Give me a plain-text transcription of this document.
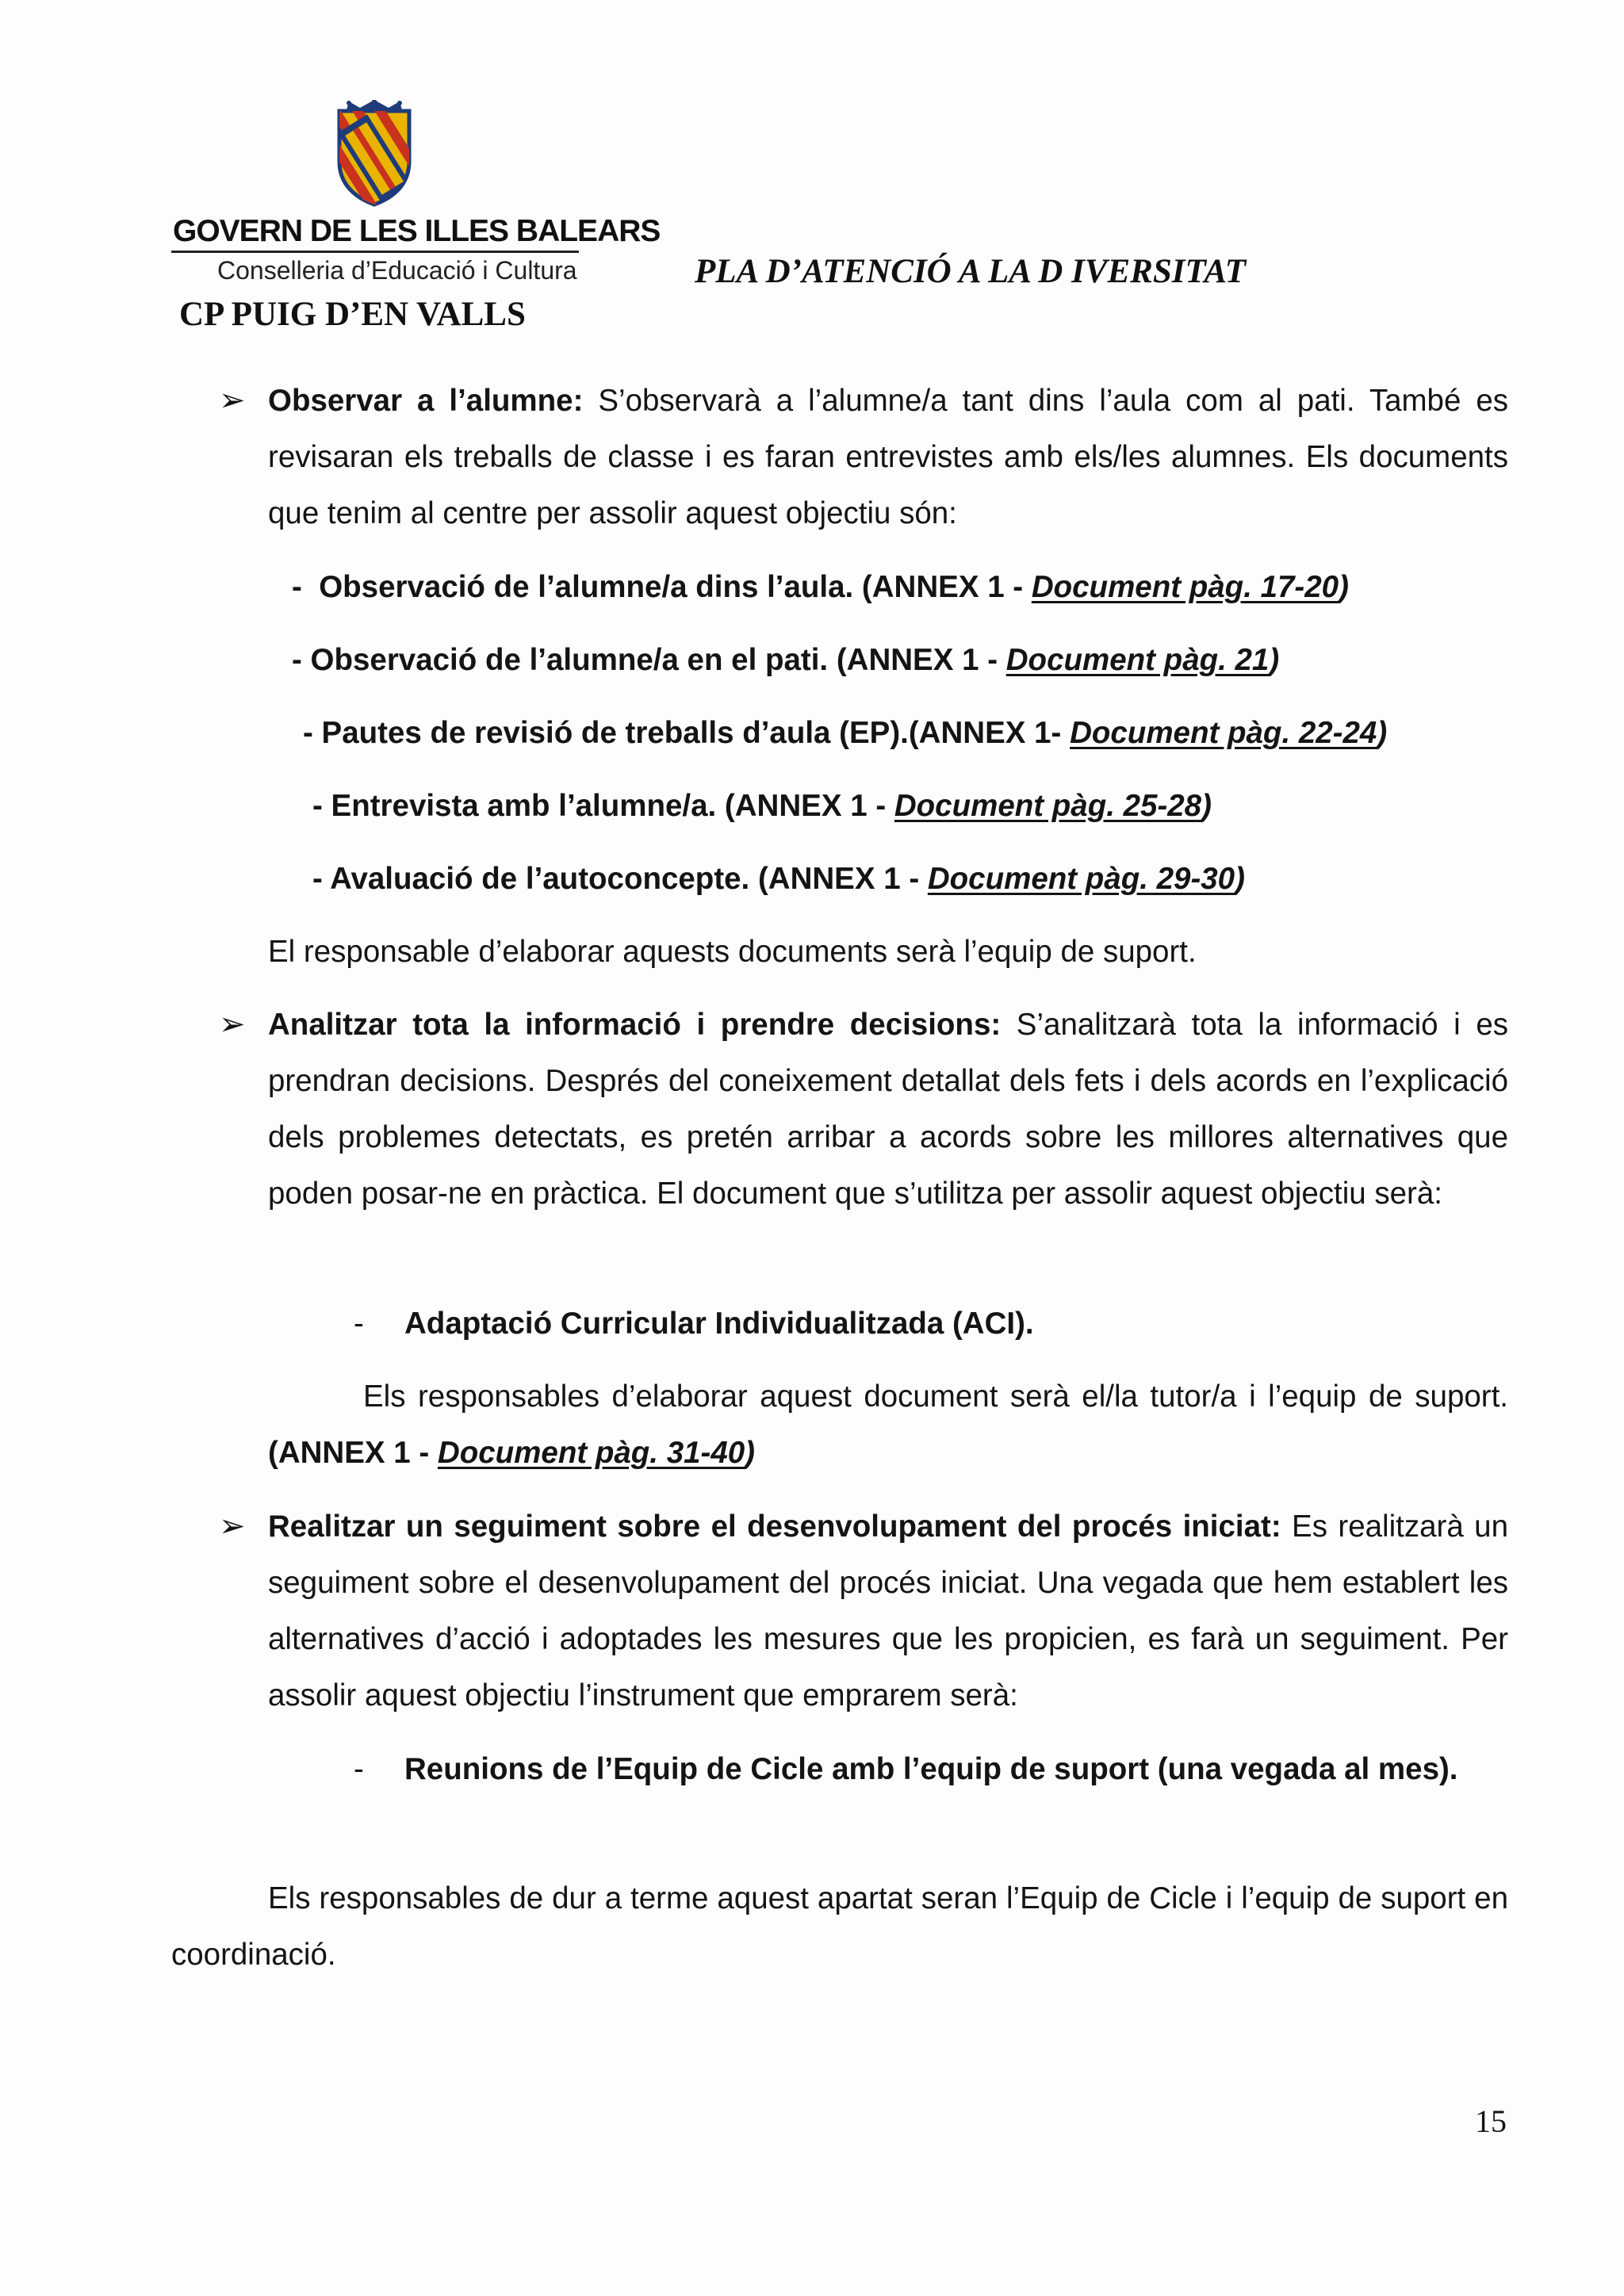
GOVERN DE LES ILLES BALEARS
Conselleria d’Educació i Cultura
CP PUIG D’EN VALLS
PLA D’ATENCIÓ A LA D IVERSITAT
➢ Observar a l’alumne: S’observarà a l’alumne/a tant dins l’aula com al pati. També es revisaran els treballs de classe i es faran entrevistes amb els/les alumnes. Els documents que tenim al centre per assolir aquest objectiu són:
-  Observació de l’alumne/a dins l’aula. (ANNEX 1 - Document pàg. 17-20)
- Observació de l’alumne/a en el pati. (ANNEX 1 - Document pàg. 21)
- Pautes de revisió de treballs d’aula (EP).(ANNEX 1- Document pàg. 22-24)
- Entrevista amb l’alumne/a. (ANNEX 1 - Document pàg. 25-28)
- Avaluació de l’autoconcepte. (ANNEX 1 - Document pàg. 29-30)
El responsable d’elaborar aquests documents serà l’equip de suport.
➢ Analitzar tota la informació i prendre decisions: S’analitzarà tota la informació i es prendran decisions. Després del coneixement detallat dels fets i dels acords en l’explicació dels problemes detectats, es pretén arribar a acords sobre les millores alternatives que poden posar-ne en pràctica. El document que s’utilitza per assolir aquest objectiu serà:
- Adaptació Curricular Individualitzada (ACI).
Els responsables d’elaborar aquest document serà el/la tutor/a i l’equip de suport. (ANNEX 1 - Document pàg. 31-40)
➢ Realitzar un seguiment sobre el desenvolupament del procés iniciat: Es realitzarà un seguiment sobre el desenvolupament del procés iniciat. Una vegada que hem establert les alternatives d’acció i adoptades les mesures que les propicien, es farà un seguiment. Per assolir aquest objectiu l’instrument que emprarem serà:
- Reunions de l’Equip de Cicle amb l’equip de suport (una vegada al mes).
Els responsables de dur a terme aquest apartat seran l’Equip de Cicle i l’equip de suport en coordinació.
15
